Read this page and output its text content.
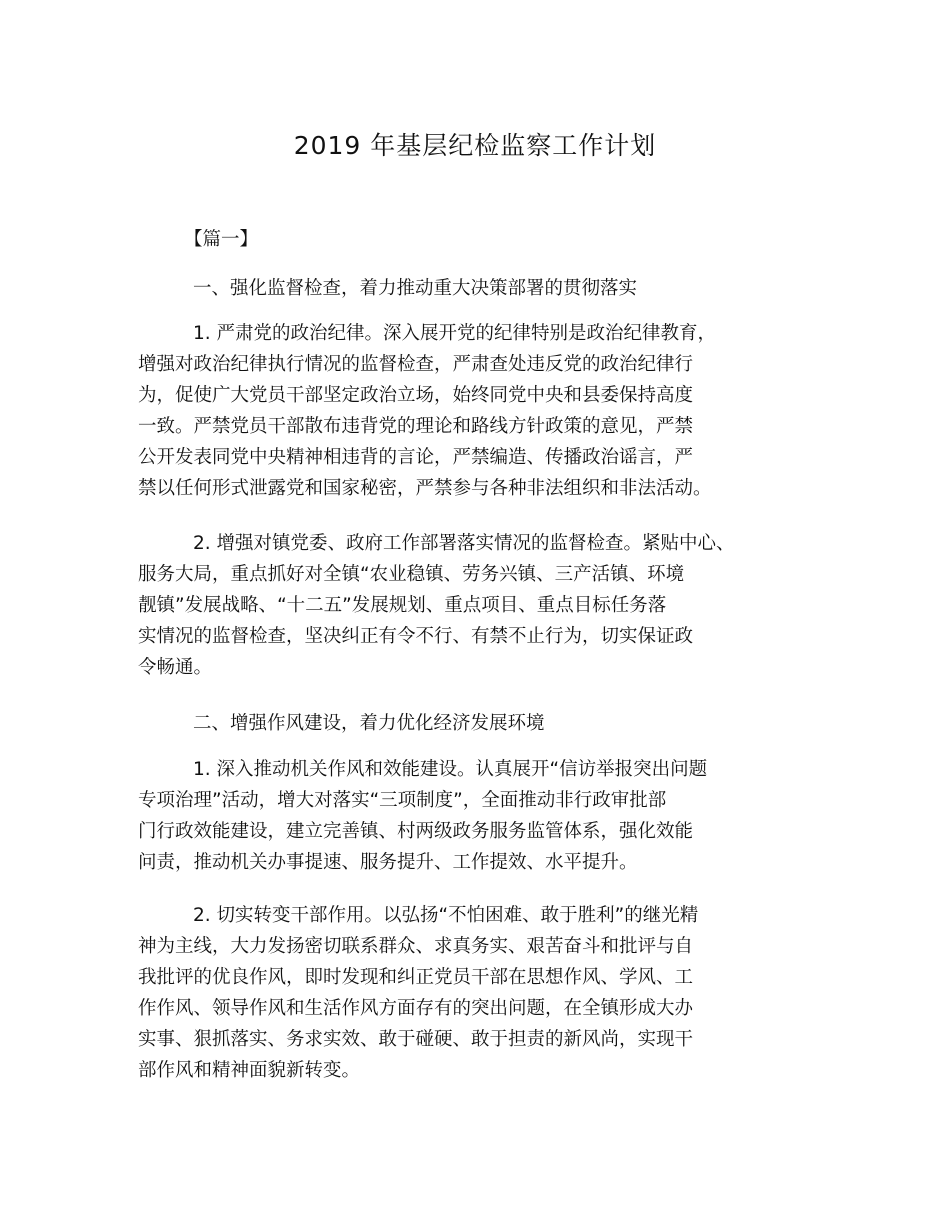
2019 年基层纪检监察工作计划
【篇一】
一、强化监督检查，着力推动重大决策部署的贯彻落实
1. 严肃党的政治纪律。深入展开党的纪律特别是政治纪律教育，
增强对政治纪律执行情况的监督检查，严肃查处违反党的政治纪律行
为，促使广大党员干部坚定政治立场，始终同党中央和县委保持高度
一致。严禁党员干部散布违背党的理论和路线方针政策的意见，严禁
公开发表同党中央精神相违背的言论，严禁编造、传播政治谣言，严
禁以任何形式泄露党和国家秘密，严禁参与各种非法组织和非法活动。
2. 增强对镇党委、政府工作部署落实情况的监督检查。紧贴中心、
服务大局，重点抓好对全镇“农业稳镇、劳务兴镇、三产活镇、环境
靓镇”发展战略、“十二五”发展规划、重点项目、重点目标任务落
实情况的监督检查，坚决纠正有令不行、有禁不止行为，切实保证政
令畅通。
二、增强作风建设，着力优化经济发展环境
1. 深入推动机关作风和效能建设。认真展开“信访举报突出问题
专项治理”活动，增大对落实“三项制度”，全面推动非行政审批部
门行政效能建设，建立完善镇、村两级政务服务监管体系，强化效能
问责，推动机关办事提速、服务提升、工作提效、水平提升。
2. 切实转变干部作用。以弘扬“不怕困难、敢于胜利”的继光精
神为主线，大力发扬密切联系群众、求真务实、艰苦奋斗和批评与自
我批评的优良作风，即时发现和纠正党员干部在思想作风、学风、工
作作风、领导作风和生活作风方面存有的突出问题，在全镇形成大办
实事、狠抓落实、务求实效、敢于碰硬、敢于担责的新风尚，实现干
部作风和精神面貌新转变。
